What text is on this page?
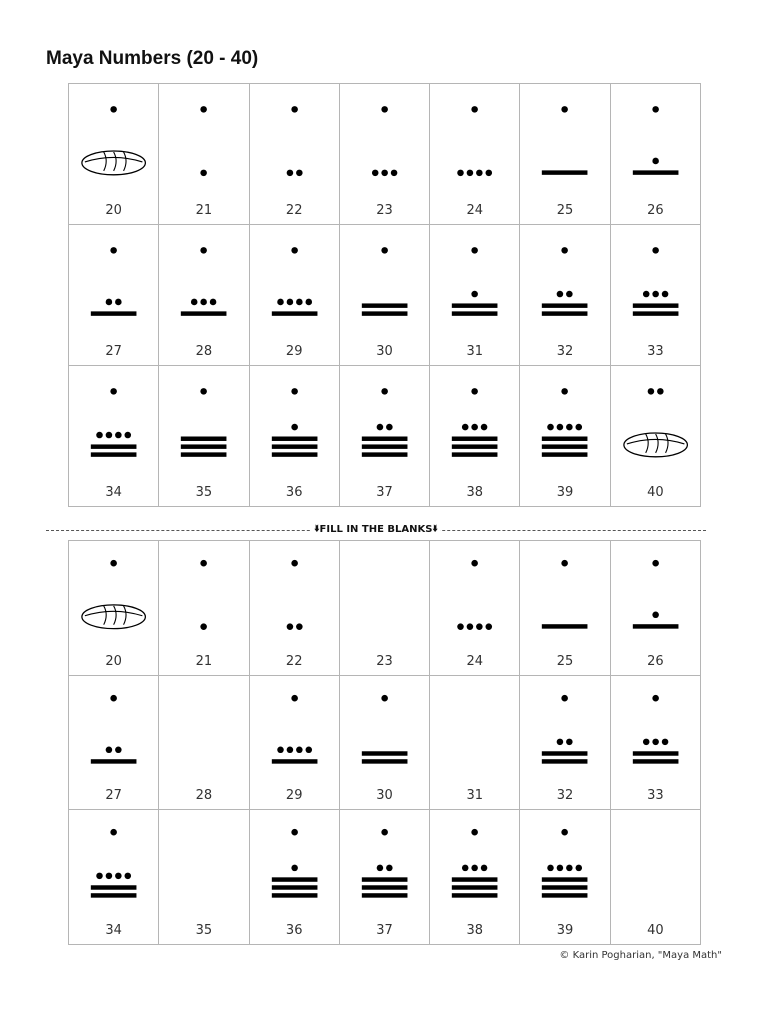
Maya Numbers (20 - 40)
20	21	22	23	24	25	26
27	28	29	30	31	32	33
34	35	36	37	38	39	40
🢛FILL IN THE BLANKS🢛
20	21	22	23	24	25	26
27	28	29	30	31	32	33
34	35	36	37	38	39	40
© Karin Pogharian, "Maya Math"
